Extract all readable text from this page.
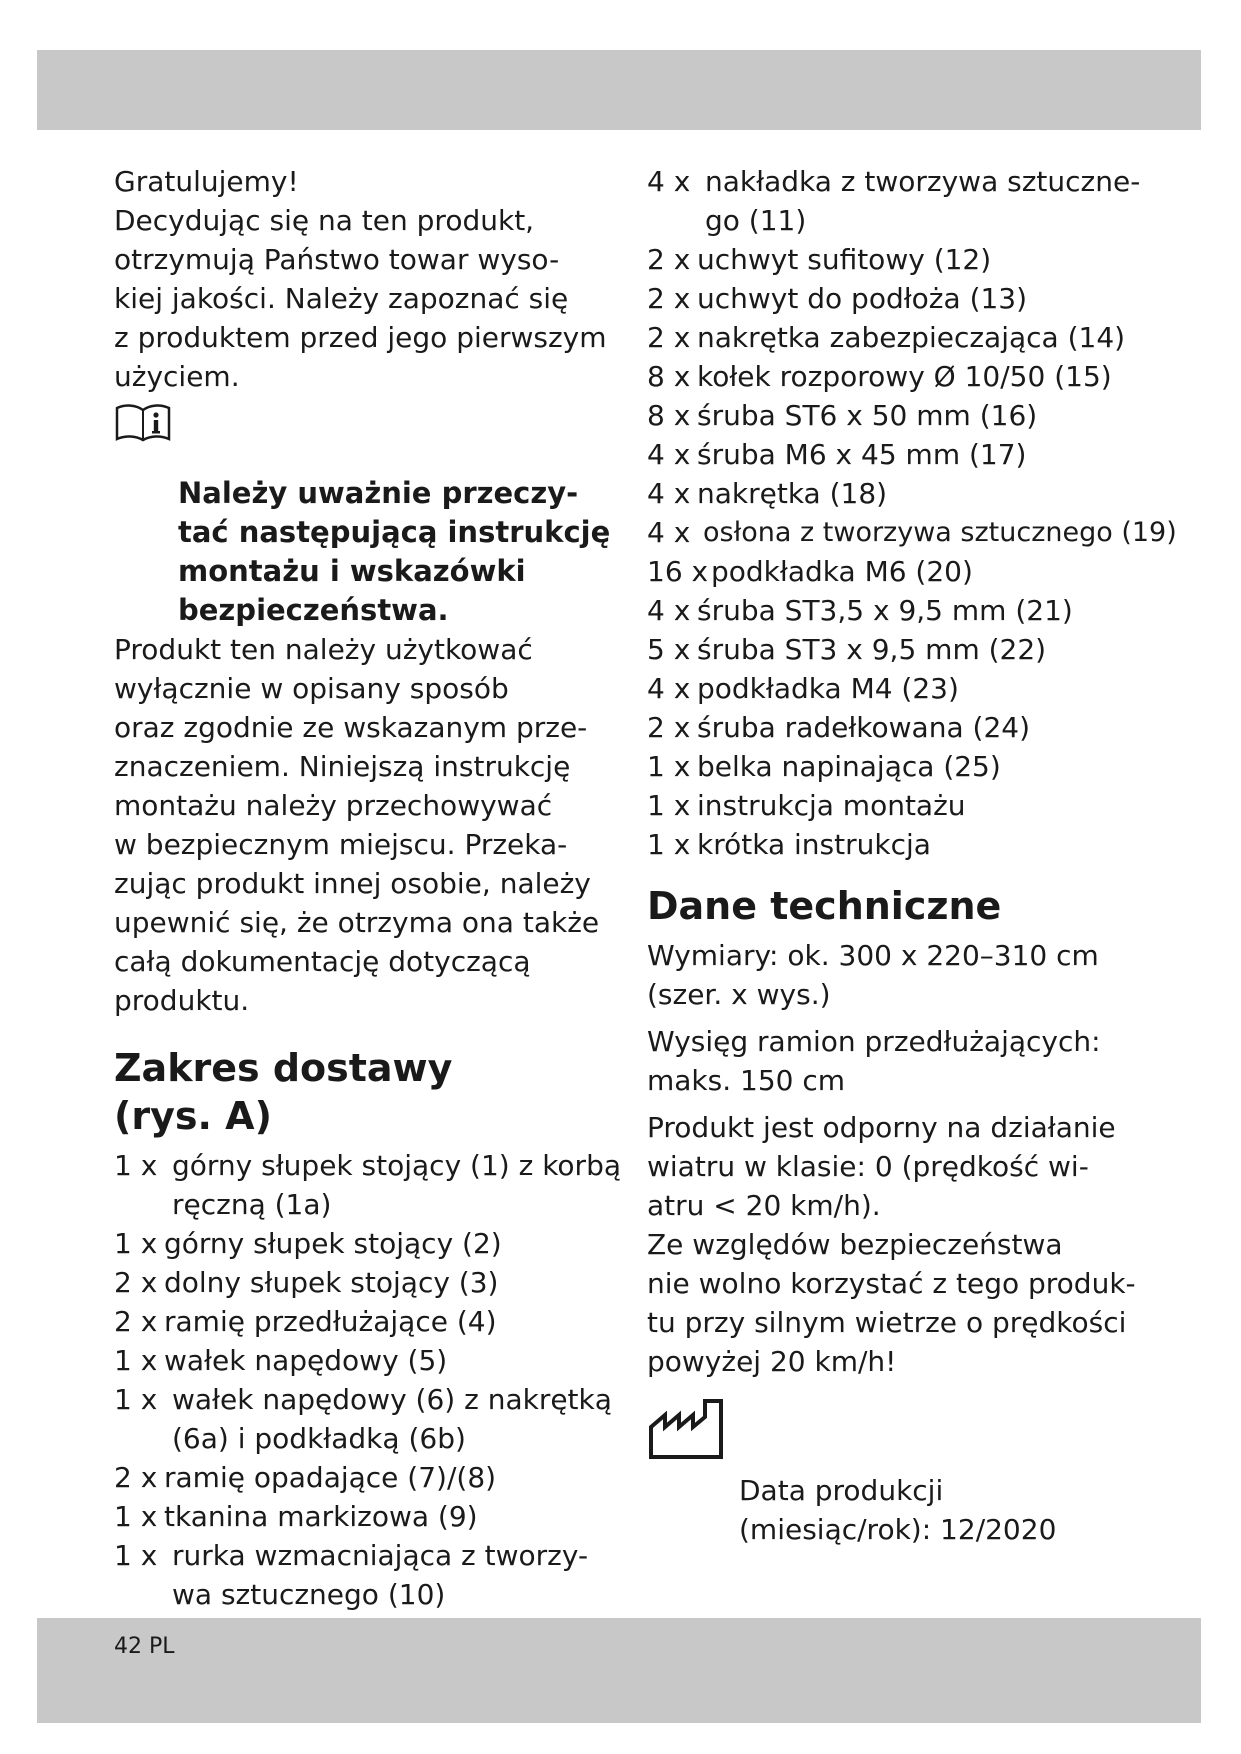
Gratulujemy!

Decydując się na ten produkt,
otrzymują Państwo towar wyso-
kiej jakości. Należy zapoznać się
z produktem przed jego pierwszym
użyciem.

Należy uważnie przeczy-
tać następującą instrukcję
montażu i wskazówki
bezpieczeństwa.

Produkt ten należy użytkować
wyłącznie w opisany sposób
oraz zgodnie ze wskazanym prze-
znaczeniem. Niniejszą instrukcję
montażu należy przechowywać
w bezpiecznym miejscu. Przeka-
zując produkt innej osobie, należy
upewnić się, że otrzyma ona także
całą dokumentację dotyczącą
produktu.

Zakres dostawy
(rys. A)
1 x górny słupek stojący (1) z korbą
ręczną (1a)
1 x górny słupek stojący (2)
2 x dolny słupek stojący (3)
2 x ramię przedłużające (4)
1 x wałek napędowy (5)
1 x wałek napędowy (6) z nakrętką
(6a) i podkładką (6b)
2 x ramię opadające (7)/(8)
1 x tkanina markizowa (9)
1 x rurka wzmacniająca z tworzy-
wa sztucznego (10)
4 x nakładka z tworzywa sztuczne-
go (11)
2 x uchwyt sufitowy (12)
2 x uchwyt do podłoża (13)
2 x nakrętka zabezpieczająca (14)
8 x kołek rozporowy Ø 10/50 (15)
8 x śruba ST6 x 50 mm (16)
4 x śruba M6 x 45 mm (17)
4 x nakrętka (18)
4 x osłona z tworzywa sztucznego (19)
16 x podkładka M6 (20)
4 x śruba ST3,5 x 9,5 mm (21)
5 x śruba ST3 x 9,5 mm (22)
4 x podkładka M4 (23)
2 x śruba radełkowana (24)
1 x belka napinająca (25)
1 x instrukcja montażu
1 x krótka instrukcja
Dane techniczne

Wymiary: ok. 300 x 220–310 cm
(szer. x wys.)

Wysięg ramion przedłużających:
maks. 150 cm

Produkt jest odporny na działanie
wiatru w klasie: 0 (prędkość wi-
atru < 20 km/h).

Ze względów bezpieczeństwa
nie wolno korzystać z tego produk-
tu przy silnym wietrze o prędkości
powyżej 20 km/h!

Data produkcji
(miesiąc/rok): 12/2020

42 PL
